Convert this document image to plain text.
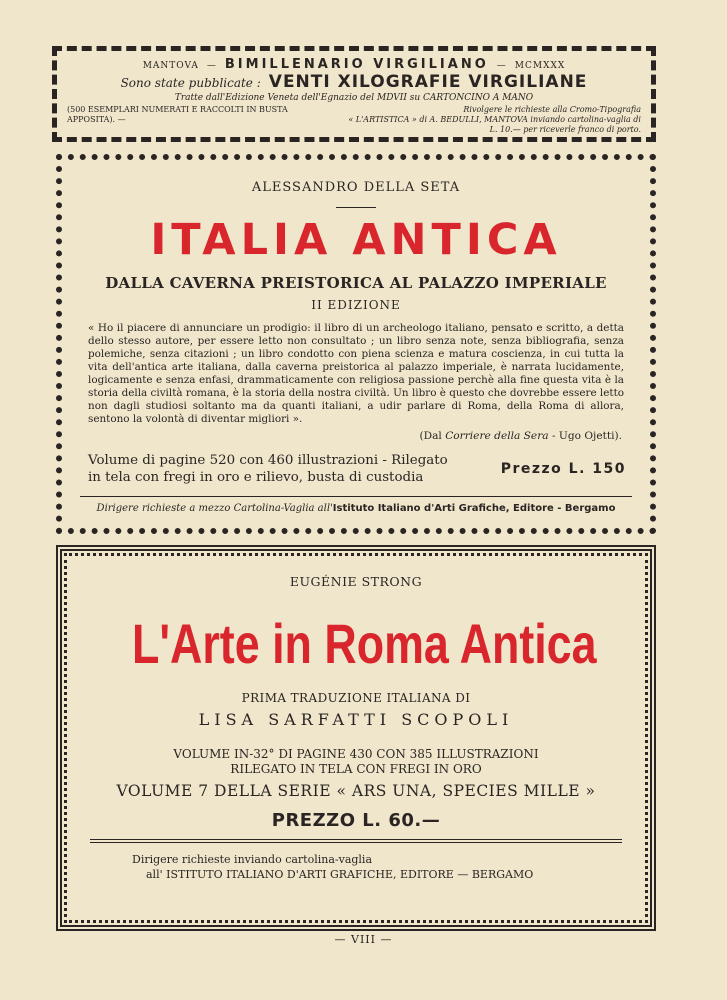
MANTOVA — BIMILLENARIO VIRGILIANO — MCMXXX
Sono state pubblicate : VENTI XILOGRAFIE VIRGILIANE
Tratte dall'Edizione Veneta dell'Egnazio del MDVII su CARTONCINO A MANO
(500 ESEMPLARI NUMERATI E RACCOLTI IN BUSTA APPOSITA). —
Rivolgere le richieste alla Cromo-Tipografia
« L'ARTISTICA » di A. BEDULLI, MANTOVA inviando cartolina-vaglia di L. 10.— per riceverle franco di porto.
ALESSANDRO DELLA SETA
ITALIA ANTICA
DALLA CAVERNA PREISTORICA AL PALAZZO IMPERIALE
II EDIZIONE
« Ho il piacere di annunciare un prodigio: il libro di un archeologo italiano, pensato e scritto, a detta dello stesso autore, per essere letto non consultato ; un libro senza note, senza bibliografia, senza polemiche, senza citazioni ; un libro condotto con piena scienza e matura coscienza, in cui tutta la vita dell'antica arte italiana, dalla caverna preistorica al palazzo imperiale, è narrata lucidamente, logicamente e senza enfasi, drammaticamente con religiosa passione perchè alla fine questa vita è la storia della civiltà romana, è la storia della nostra civiltà. Un libro è questo che dovrebbe essere letto non dagli studiosi soltanto ma da quanti italiani, a udir parlare di Roma, della Roma di allora, sentono la volontà di diventar migliori ».
(Dal Corriere della Sera - Ugo Ojetti).
Volume di pagine 520 con 460 illustrazioni - Rilegato
in tela con fregi in oro e rilievo, busta di custodia
Prezzo L. 150
Dirigere richieste a mezzo Cartolina-Vaglia all'Istituto Italiano d'Arti Grafiche, Editore - Bergamo
EUGÉNIE STRONG
L'Arte in Roma Antica
PRIMA TRADUZIONE ITALIANA DI
LISA SARFATTI SCOPOLI
VOLUME IN-32° DI PAGINE 430 CON 385 ILLUSTRAZIONI
RILEGATO IN TELA CON FREGI IN ORO
VOLUME 7 DELLA SERIE « ARS UNA, SPECIES MILLE »
PREZZO L. 60.—
Dirigere richieste inviando cartolina-vaglia
all' ISTITUTO ITALIANO D'ARTI GRAFICHE, EDITORE — BERGAMO
— VIII —
